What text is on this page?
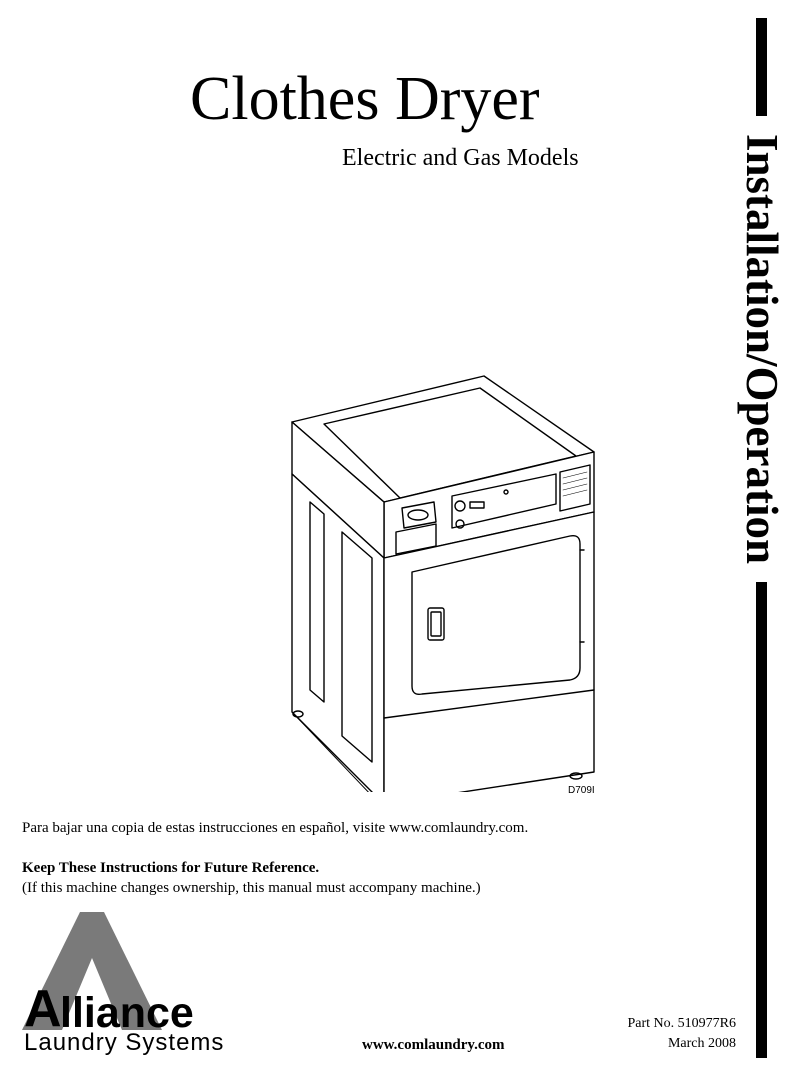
Clothes Dryer
Electric and Gas Models	Installation/Operation
D709I
Para bajar una copia de estas instrucciones en español, visite www.comlaundry.com.
Keep These Instructions for Future Reference.
(If this machine changes ownership, this manual must accompany machine.)
A
lliance
Laundry Systems	www.comlaundry.com
Part No. 510977R6
March 2008
